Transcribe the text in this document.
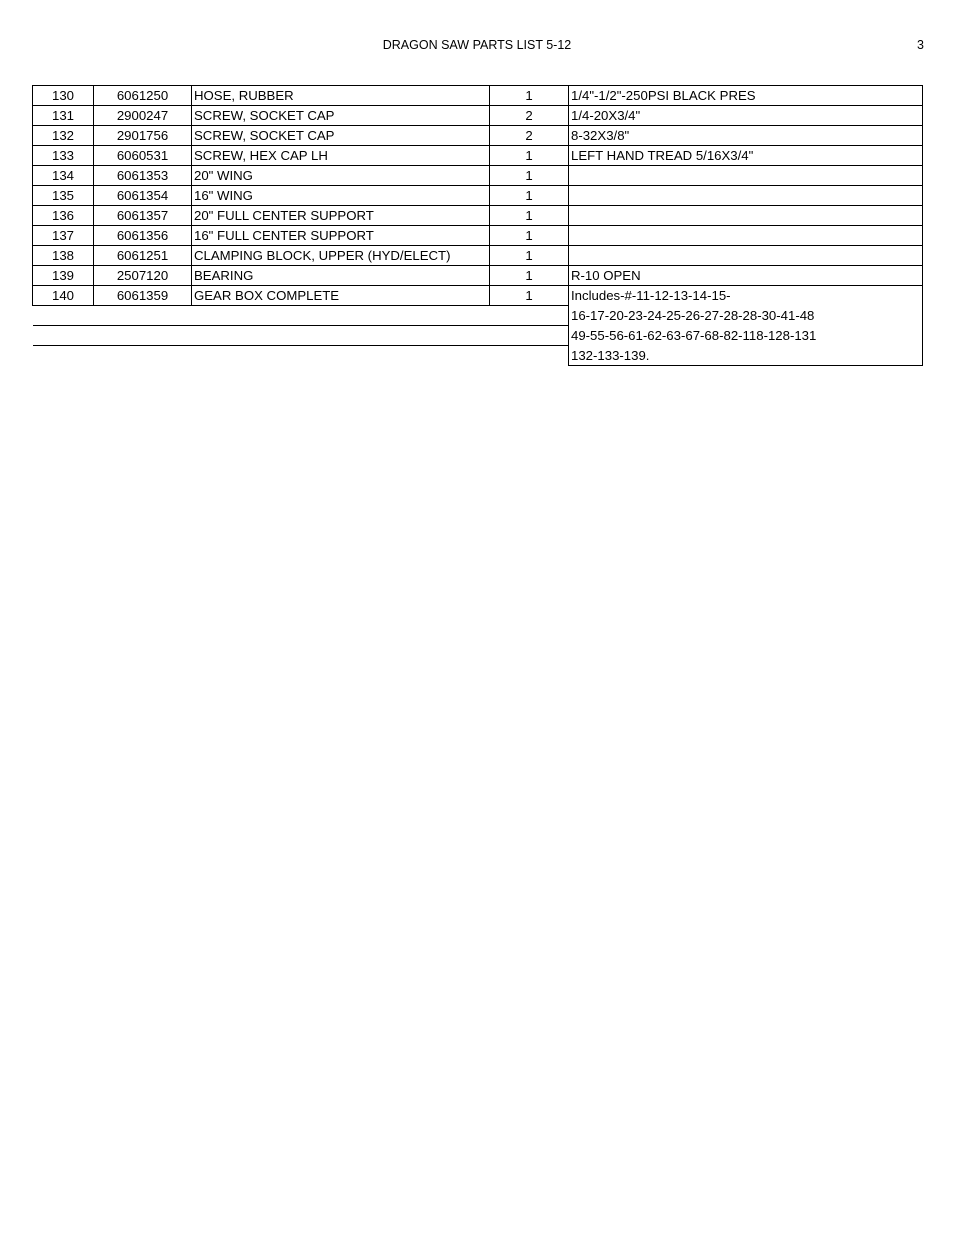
DRAGON SAW PARTS LIST 5-12	3
130	6061250	HOSE, RUBBER	1	1/4"-1/2"-250PSI BLACK PRES
131	2900247	SCREW, SOCKET CAP	2	1/4-20X3/4"
132	2901756	SCREW, SOCKET CAP	2	8-32X3/8"
133	6060531	SCREW, HEX CAP LH	1	LEFT HAND TREAD 5/16X3/4"
134	6061353	20" WING	1	
135	6061354	16" WING	1	
136	6061357	20" FULL CENTER SUPPORT	1	
137	6061356	16" FULL CENTER SUPPORT	1	
138	6061251	CLAMPING BLOCK, UPPER (HYD/ELECT)	1	
139	2507120	BEARING	1	R-10 OPEN
140	6061359	GEAR BOX COMPLETE	1	Includes-#-11-12-13-14-15-
				16-17-20-23-24-25-26-27-28-28-30-41-48
				49-55-56-61-62-63-67-68-82-118-128-131
				132-133-139.
